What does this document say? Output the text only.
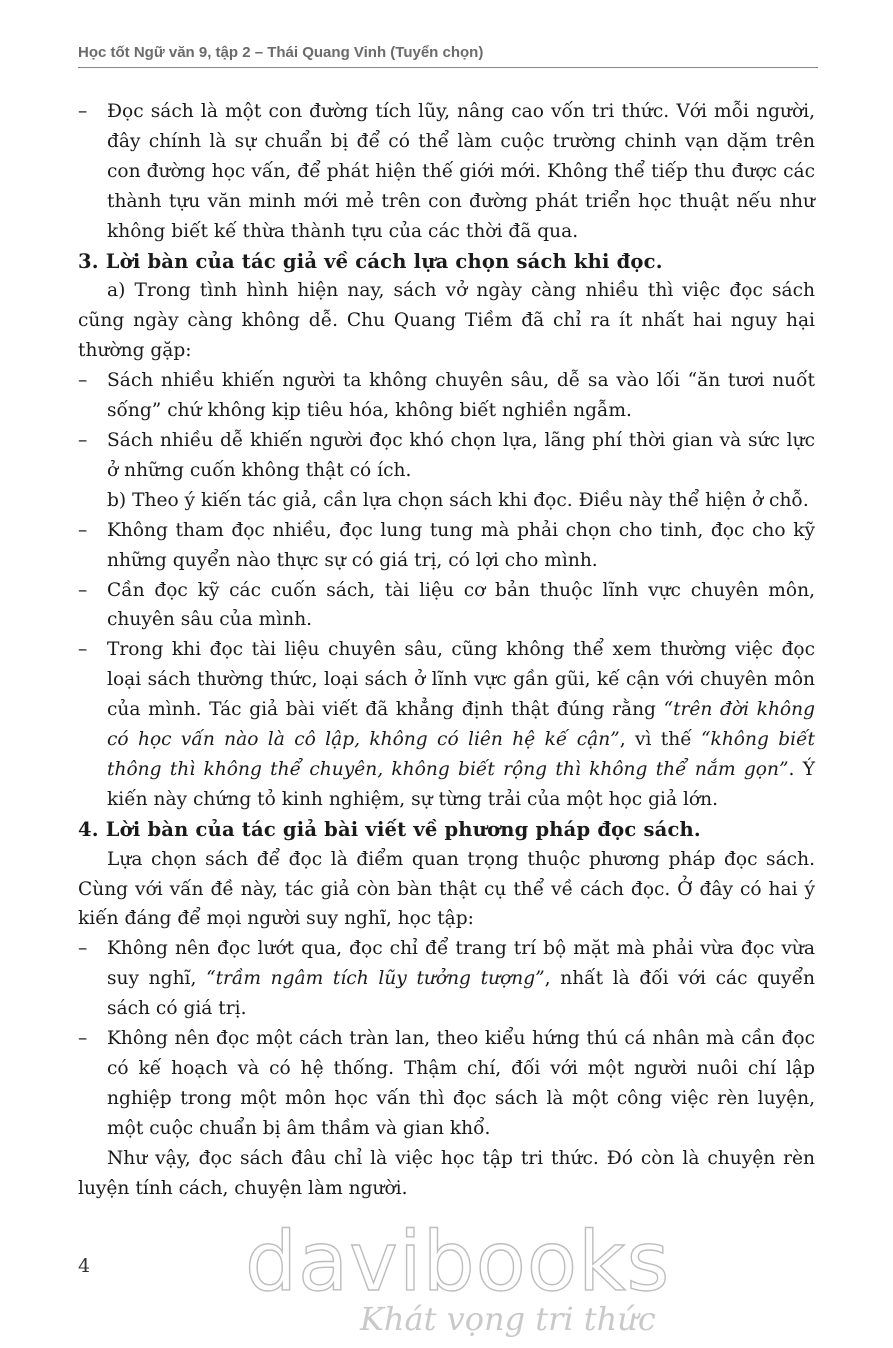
Học tốt Ngữ văn 9, tập 2 – Thái Quang Vinh (Tuyển chọn)

– Đọc sách là một con đường tích lũy, nâng cao vốn tri thức. Với mỗi người, đây chính là sự chuẩn bị để có thể làm cuộc trường chinh vạn dặm trên con đường học vấn, để phát hiện thế giới mới. Không thể tiếp thu được các thành tựu văn minh mới mẻ trên con đường phát triển học thuật nếu như không biết kế thừa thành tựu của các thời đã qua.

3. Lời bàn của tác giả về cách lựa chọn sách khi đọc.

a) Trong tình hình hiện nay, sách vở ngày càng nhiều thì việc đọc sách cũng ngày càng không dễ. Chu Quang Tiềm đã chỉ ra ít nhất hai nguy hại thường gặp:

– Sách nhiều khiến người ta không chuyên sâu, dễ sa vào lối “ăn tươi nuốt sống” chứ không kịp tiêu hóa, không biết nghiền ngẫm.

– Sách nhiều dễ khiến người đọc khó chọn lựa, lãng phí thời gian và sức lực ở những cuốn không thật có ích.

b) Theo ý kiến tác giả, cần lựa chọn sách khi đọc. Điều này thể hiện ở chỗ.

– Không tham đọc nhiều, đọc lung tung mà phải chọn cho tinh, đọc cho kỹ những quyển nào thực sự có giá trị, có lợi cho mình.

– Cần đọc kỹ các cuốn sách, tài liệu cơ bản thuộc lĩnh vực chuyên môn, chuyên sâu của mình.

– Trong khi đọc tài liệu chuyên sâu, cũng không thể xem thường việc đọc loại sách thường thức, loại sách ở lĩnh vực gần gũi, kế cận với chuyên môn của mình. Tác giả bài viết đã khẳng định thật đúng rằng “trên đời không có học vấn nào là cô lập, không có liên hệ kế cận”, vì thế “không biết thông thì không thể chuyên, không biết rộng thì không thể nắm gọn”. Ý kiến này chứng tỏ kinh nghiệm, sự từng trải của một học giả lớn.

4. Lời bàn của tác giả bài viết về phương pháp đọc sách.

Lựa chọn sách để đọc là điểm quan trọng thuộc phương pháp đọc sách. Cùng với vấn đề này, tác giả còn bàn thật cụ thể về cách đọc. Ở đây có hai ý kiến đáng để mọi người suy nghĩ, học tập:

– Không nên đọc lướt qua, đọc chỉ để trang trí bộ mặt mà phải vừa đọc vừa suy nghĩ, “trầm ngâm tích lũy tưởng tượng”, nhất là đối với các quyển sách có giá trị.

– Không nên đọc một cách tràn lan, theo kiểu hứng thú cá nhân mà cần đọc có kế hoạch và có hệ thống. Thậm chí, đối với một người nuôi chí lập nghiệp trong một môn học vấn thì đọc sách là một công việc rèn luyện, một cuộc chuẩn bị âm thầm và gian khổ.

Như vậy, đọc sách đâu chỉ là việc học tập tri thức. Đó còn là chuyện rèn luyện tính cách, chuyện làm người.

4 davibooks
Khát vọng tri thức
